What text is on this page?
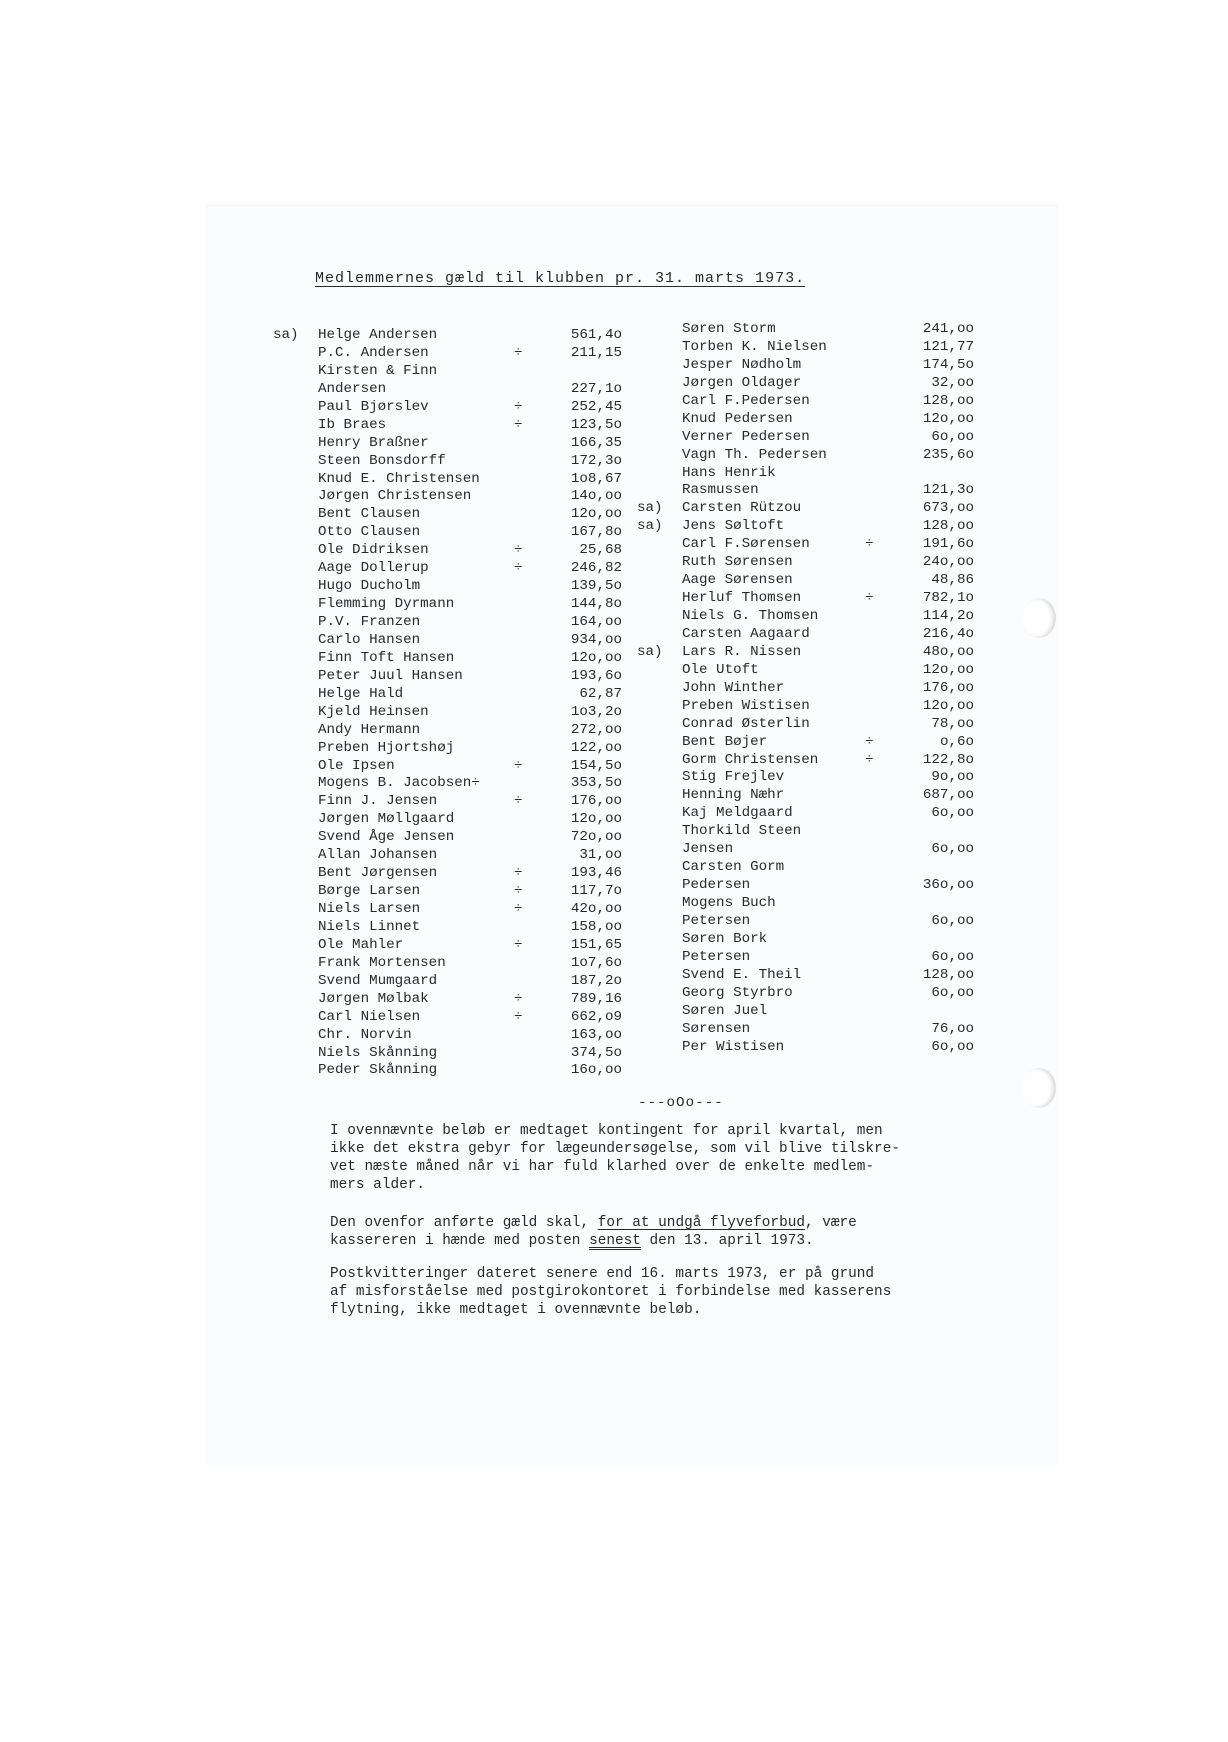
Medlemmernes gæld til klubben pr. 31. marts 1973.
sa)	Helge Andersen	561,4o
P.C. Andersen	÷	211,15
Kirsten & Finn
Andersen	227,1o
Paul Bjørslev	÷	252,45
Ib Braes	÷	123,5o
Henry Braßner	166,35
Steen Bonsdorff	172,3o
Knud E. Christensen	1o8,67
Jørgen Christensen	14o,oo
Bent Clausen	12o,oo
Otto Clausen	167,8o
Ole Didriksen	÷	25,68
Aage Dollerup	÷	246,82
Hugo Ducholm	139,5o
Flemming Dyrmann	144,8o
P.V. Franzen	164,oo
Carlo Hansen	934,oo
Finn Toft Hansen	12o,oo
Peter Juul Hansen	193,6o
Helge Hald	62,87
Kjeld Heinsen	1o3,2o
Andy Hermann	272,oo
Preben Hjortshøj	122,oo
Ole Ipsen	÷	154,5o
Mogens B. Jacobsen÷	353,5o
Finn J. Jensen	÷	176,oo
Jørgen Møllgaard	12o,oo
Svend Åge Jensen	72o,oo
Allan Johansen	31,oo
Bent Jørgensen	÷	193,46
Børge Larsen	÷	117,7o
Niels Larsen	÷	42o,oo
Niels Linnet	158,oo
Ole Mahler	÷	151,65
Frank Mortensen	1o7,6o
Svend Mumgaard	187,2o
Jørgen Mølbak	÷	789,16
Carl Nielsen	÷	662,o9
Chr. Norvin	163,oo
Niels Skånning	374,5o
Peder Skånning	16o,oo
Søren Storm	241,oo
Torben K. Nielsen	121,77
Jesper Nødholm	174,5o
Jørgen Oldager	32,oo
Carl F.Pedersen	128,oo
Knud Pedersen	12o,oo
Verner Pedersen	6o,oo
Vagn Th. Pedersen	235,6o
Hans Henrik
Rasmussen	121,3o
sa)	Carsten Rützou	673,oo
sa)	Jens Søltoft	128,oo
Carl F.Sørensen	÷	191,6o
Ruth Sørensen	24o,oo
Aage Sørensen	48,86
Herluf Thomsen	÷	782,1o
Niels G. Thomsen	114,2o
Carsten Aagaard	216,4o
sa)	Lars R. Nissen	48o,oo
Ole Utoft	12o,oo
John Winther	176,oo
Preben Wistisen	12o,oo
Conrad Østerlin	78,oo
Bent Bøjer	÷	o,6o
Gorm Christensen	÷	122,8o
Stig Frejlev	9o,oo
Henning Næhr	687,oo
Kaj Meldgaard	6o,oo
Thorkild Steen
Jensen	6o,oo
Carsten Gorm
Pedersen	36o,oo
Mogens Buch
Petersen	6o,oo
Søren Bork
Petersen	6o,oo
Svend E. Theil	128,oo
Georg Styrbro	6o,oo
Søren Juel
Sørensen	76,oo
Per Wistisen	6o,oo
---oOo---
I ovennævnte beløb er medtaget kontingent for april kvartal, men
ikke det ekstra gebyr for lægeundersøgelse, som vil blive tilskre-
vet næste måned når vi har fuld klarhed over de enkelte medlem-
mers alder.
Den ovenfor anførte gæld skal, for at undgå flyveforbud, være
kassereren i hænde med posten senest den 13. april 1973.
Postkvitteringer dateret senere end 16. marts 1973, er på grund
af misforståelse med postgirokontoret i forbindelse med kasserens
flytning, ikke medtaget i ovennævnte beløb.
